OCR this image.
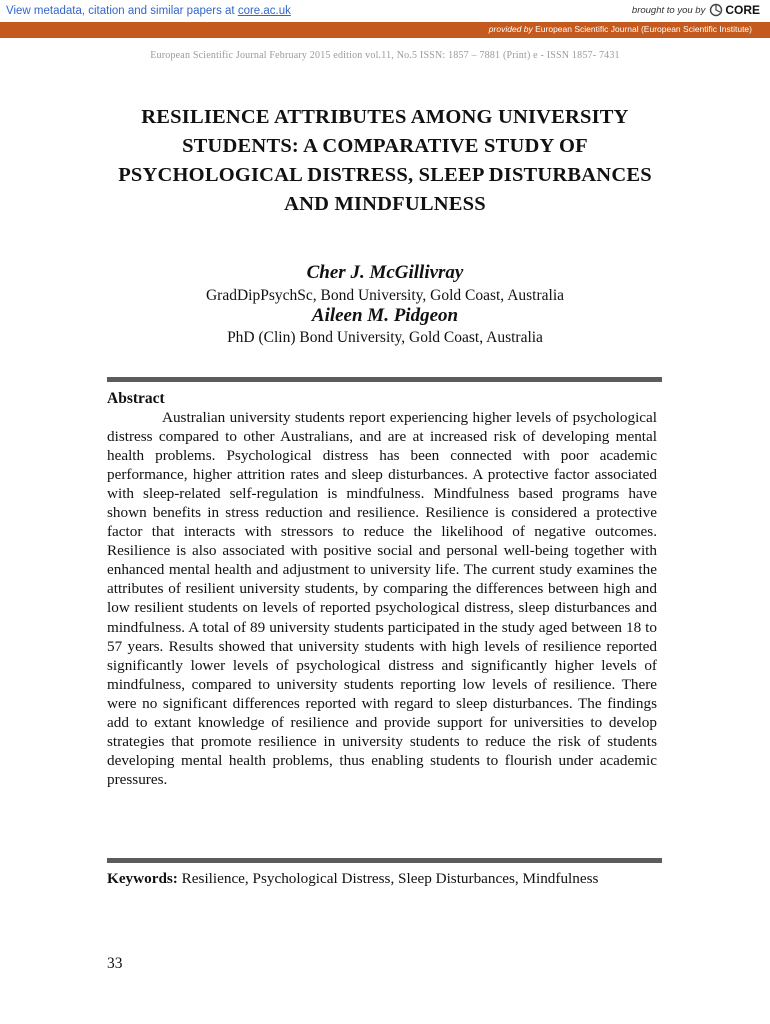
View metadata, citation and similar papers at core.ac.uk	brought to you by CORE
provided by European Scientific Journal (European Scientific Institute)
European Scientific Journal February 2015 edition vol.11, No.5 ISSN: 1857 – 7881 (Print) e - ISSN 1857- 7431
RESILIENCE ATTRIBUTES AMONG UNIVERSITY STUDENTS: A COMPARATIVE STUDY OF PSYCHOLOGICAL DISTRESS, SLEEP DISTURBANCES AND MINDFULNESS
Cher J. McGillivray
GradDipPsychSc, Bond University, Gold Coast, Australia
Aileen M. Pidgeon
PhD (Clin) Bond University, Gold Coast, Australia
Abstract

Australian university students report experiencing higher levels of psychological distress compared to other Australians, and are at increased risk of developing mental health problems. Psychological distress has been connected with poor academic performance, higher attrition rates and sleep disturbances. A protective factor associated with sleep-related self-regulation is mindfulness. Mindfulness based programs have shown benefits in stress reduction and resilience. Resilience is considered a protective factor that interacts with stressors to reduce the likelihood of negative outcomes. Resilience is also associated with positive social and personal well-being together with enhanced mental health and adjustment to university life. The current study examines the attributes of resilient university students, by comparing the differences between high and low resilient students on levels of reported psychological distress, sleep disturbances and mindfulness. A total of 89 university students participated in the study aged between 18 to 57 years. Results showed that university students with high levels of resilience reported significantly lower levels of psychological distress and significantly higher levels of mindfulness, compared to university students reporting low levels of resilience. There were no significant differences reported with regard to sleep disturbances. The findings add to extant knowledge of resilience and provide support for universities to develop strategies that promote resilience in university students to reduce the risk of students developing mental health problems, thus enabling students to flourish under academic pressures.

Keywords: Resilience, Psychological Distress, Sleep Disturbances, Mindfulness

33
